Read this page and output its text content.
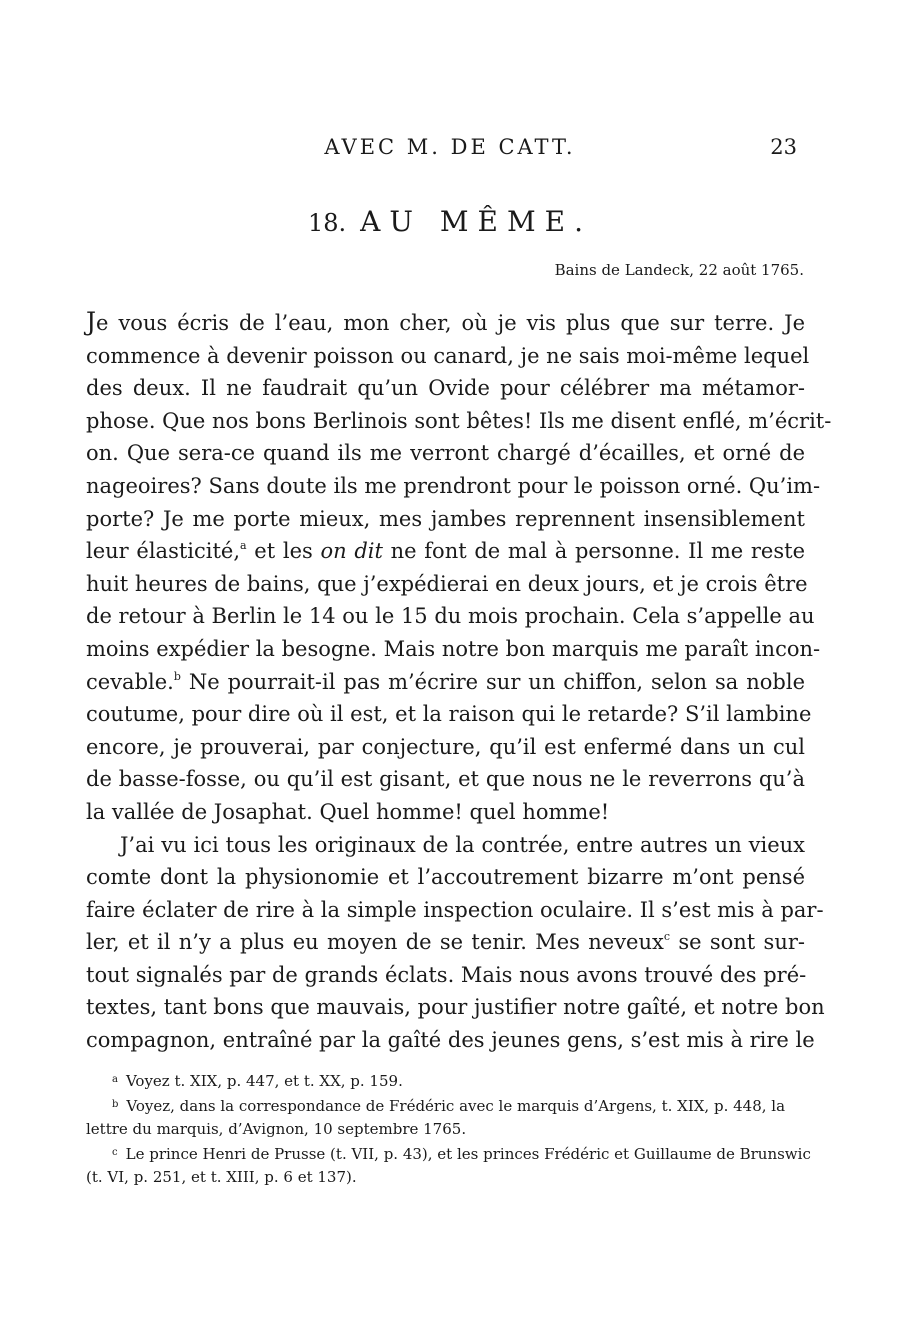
AVEC M. DE CATT.	23
18. AU MÊME.
Bains de Landeck, 22 août 1765.
Je vous écris de l’eau, mon cher, où je vis plus que sur terre. Je
commence à devenir poisson ou canard, je ne sais moi-même lequel
des deux. Il ne faudrait qu’un Ovide pour célébrer ma métamor-
phose. Que nos bons Berlinois sont bêtes! Ils me disent enflé, m’écrit-
on. Que sera-ce quand ils me verront chargé d’écailles, et orné de
nageoires? Sans doute ils me prendront pour le poisson orné. Qu’im-
porte? Je me porte mieux, mes jambes reprennent insensiblement
leur élasticité,$^a$ et les on dit ne font de mal à personne. Il me reste
huit heures de bains, que j’expédierai en deux jours, et je crois être
de retour à Berlin le 14 ou le 15 du mois prochain. Cela s’appelle au
moins expédier la besogne. Mais notre bon marquis me paraît incon-
cevable.$^b$ Ne pourrait-il pas m’écrire sur un chiffon, selon sa noble
coutume, pour dire où il est, et la raison qui le retarde? S’il lambine
encore, je prouverai, par conjecture, qu’il est enfermé dans un cul
de basse-fosse, ou qu’il est gisant, et que nous ne le reverrons qu’à
la vallée de Josaphat. Quel homme! quel homme!
J’ai vu ici tous les originaux de la contrée, entre autres un vieux
comte dont la physionomie et l’accoutrement bizarre m’ont pensé
faire éclater de rire à la simple inspection oculaire. Il s’est mis à par-
ler, et il n’y a plus eu moyen de se tenir. Mes neveux$^c$ se sont sur-
tout signalés par de grands éclats. Mais nous avons trouvé des pré-
textes, tant bons que mauvais, pour justifier notre gaîté, et notre bon
compagnon, entraîné par la gaîté des jeunes gens, s’est mis à rire le
$^a$ Voyez t. XIX, p. 447, et t. XX, p. 159.
$^b$ Voyez, dans la correspondance de Frédéric avec le marquis d’Argens, t. XIX, p. 448, la
lettre du marquis, d’Avignon, 10 septembre 1765.
$^c$ Le prince Henri de Prusse (t. VII, p. 43), et les princes Frédéric et Guillaume de Brunswic
(t. VI, p. 251, et t. XIII, p. 6 et 137).
